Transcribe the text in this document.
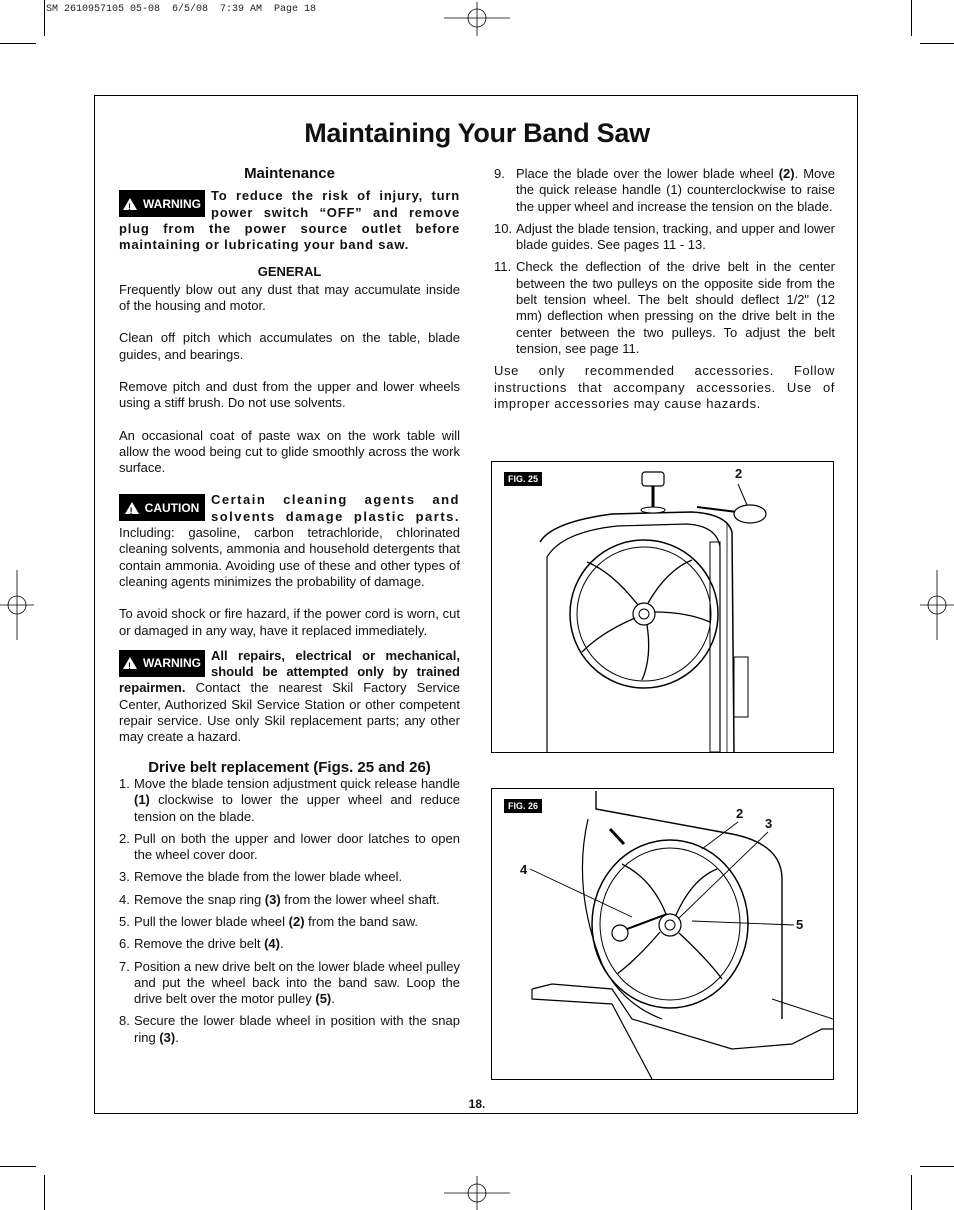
SM 2610957105 05-08  6/5/08  7:39 AM  Page 18
Maintaining Your Band Saw
Maintenance
! WARNING

To reduce the risk of injury, turn power switch “OFF” and remove plug from the power source outlet before maintaining or lubricating your band saw.

GENERAL

Frequently blow out any dust that may accumulate inside of the housing and motor.

Clean off pitch which accumulates on the table, blade guides, and bearings.

Remove pitch and dust from the upper and lower wheels using a stiff brush. Do not use solvents.

An occasional coat of paste wax on the work table will allow the wood being cut to glide smoothly across the work surface.

! CAUTION

Certain cleaning agents and solvents damage plastic parts. Including: gasoline, carbon tetrachloride, chlorinated cleaning solvents, ammonia and household detergents that contain ammonia. Avoiding use of these and other types of cleaning agents minimizes the probability of damage.

To avoid shock or fire hazard, if the power cord is worn, cut or damaged in any way, have it replaced immediately.

! WARNING

All repairs, electrical or mechanical, should be attempted only by trained repairmen. Contact the nearest Skil Factory Service Center, Authorized Skil Service Station or other competent repair service. Use only Skil replacement parts; any other may create a hazard.

Drive belt replacement (Figs. 25 and 26)
1. Move the blade tension adjustment quick release handle (1) clockwise to lower the upper wheel and reduce tension on the blade.
2. Pull on both the upper and lower door latches to open the wheel cover door.
3. Remove the blade from the lower blade wheel.
4. Remove the snap ring (3) from the lower wheel shaft.
5. Pull the lower blade wheel (2) from the band saw.
6. Remove the drive belt (4).
7. Position a new drive belt on the lower blade wheel pulley and put the wheel back into the band saw. Loop the drive belt over the motor pulley (5).
8. Secure the lower blade wheel in position with the snap ring (3).
9. Place the blade over the lower blade wheel (2). Move the quick release handle (1) counterclockwise to raise the upper wheel and increase the tension on the blade.
10. Adjust the blade tension, tracking, and upper and lower blade guides. See pages 11 - 13.
11. Check the deflection of the drive belt in the center between the two pulleys on the opposite side from the belt tension wheel. The belt should deflect 1/2" (12 mm) deflection when pressing on the drive belt in the center between the two pulleys. To adjust the belt tension, see page 11.

Use only recommended accessories. Follow instructions that accompany accessories. Use of improper accessories may cause hazards.

FIG. 25	2
FIG. 26	2
3
4
5
18.
